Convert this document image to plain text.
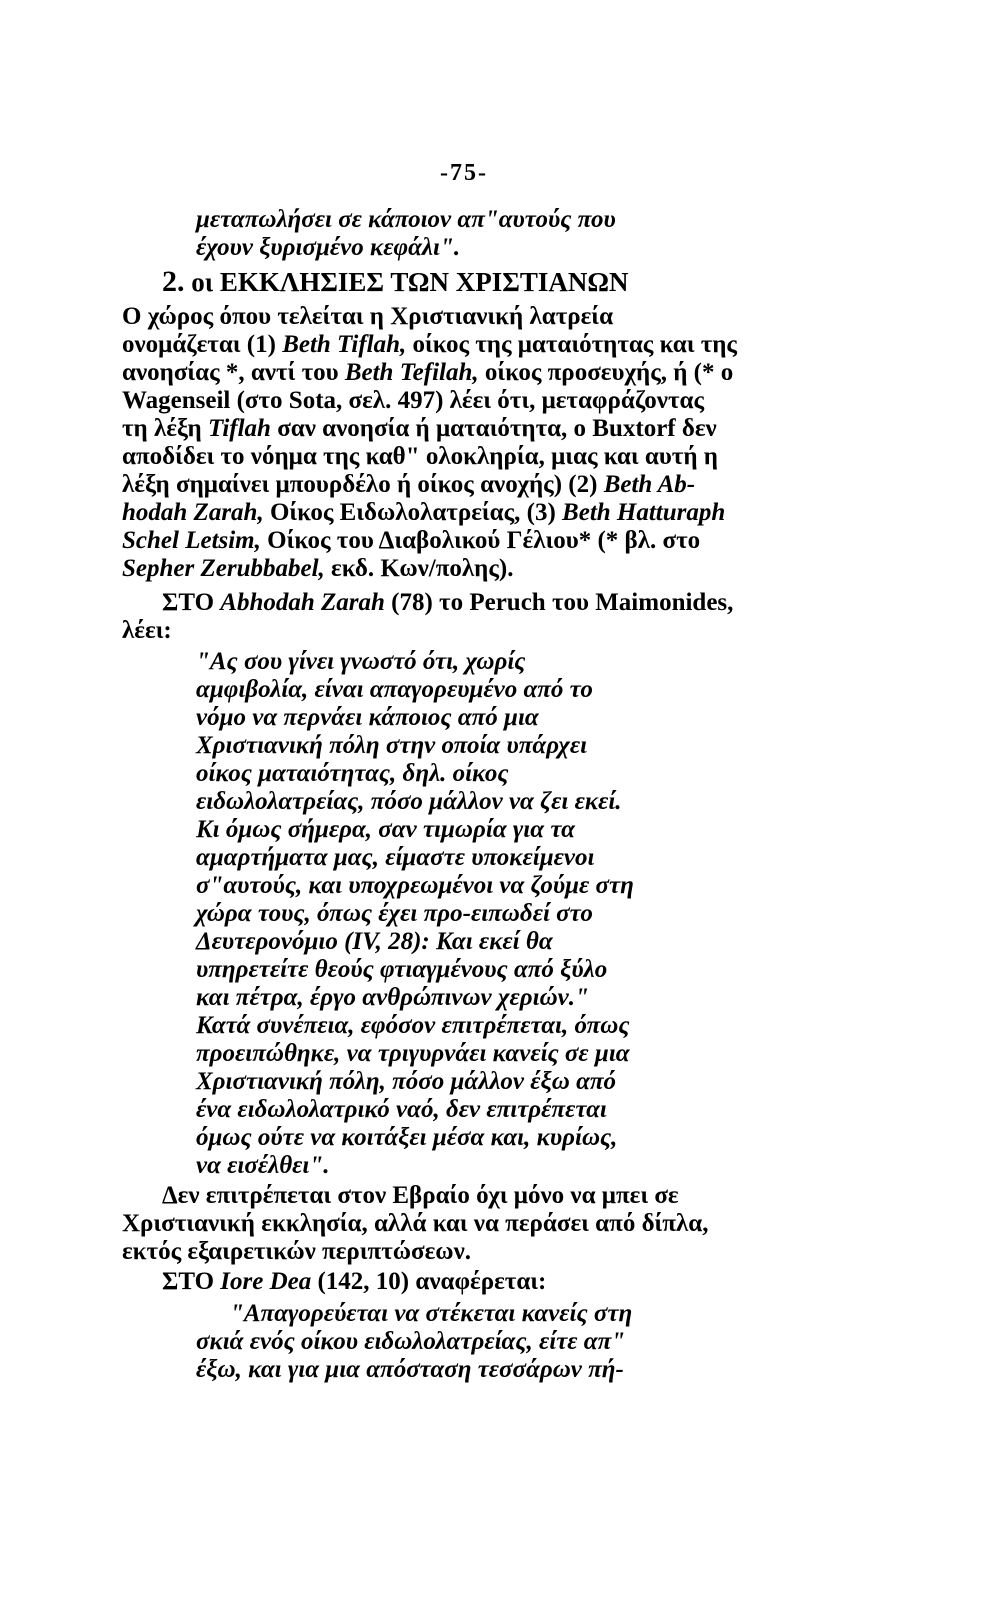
-75-
μεταπωλήσει σε κάποιον απ"αυτούς που
έχουν ξυρισμένο κεφάλι".
2. οι ΕΚΚΛΗΣΙΕΣ ΤΩΝ ΧΡΙΣΤΙΑΝΩΝ
Ο χώρος όπου τελείται η Χριστιανική λατρεία
ονομάζεται (1) Beth Tiflah, οίκος της ματαιότητας και της
ανοησίας *, αντί του Beth Tefilah, οίκος προσευχής, ή (* ο
Wagenseil (στο Sota, σελ. 497) λέει ότι, μεταφράζοντας
τη λέξη Tiflah σαν ανοησία ή ματαιότητα, ο Buxtorf δεν
αποδίδει το νόημα της καθ" ολοκληρία, μιας και αυτή η
λέξη σημαίνει μπουρδέλο ή οίκος ανοχής) (2) Beth Ab-
hodah Zarah, Οίκος Ειδωλολατρείας, (3) Beth Hatturaph
Schel Letsim, Οίκος του Διαβολικού Γέλιου* (* βλ. στο
Sepher Zerubbabel, εκδ. Κων/πολης).
ΣΤΟ Abhodah Zarah (78) το Peruch του Maimonides,
λέει:
"Ας σου γίνει γνωστό ότι, χωρίς
αμφιβολία, είναι απαγορευμένο από το
νόμο να περνάει κάποιος από μια
Χριστιανική πόλη στην οποία υπάρχει
οίκος ματαιότητας, δηλ. οίκος
ειδωλολατρείας, πόσο μάλλον να ζει εκεί.
Κι όμως σήμερα, σαν τιμωρία για τα
αμαρτήματα μας, είμαστε υποκείμενοι
σ"αυτούς, και υποχρεωμένοι να ζούμε στη
χώρα τους, όπως έχει προ-ειπωδεί στο
Δευτερονόμιο (IV, 28): Και εκεί θα
υπηρετείτε θεούς φτιαγμένους από ξύλο
και πέτρα, έργο ανθρώπινων χεριών."
Κατά συνέπεια, εφόσον επιτρέπεται, όπως
προειπώθηκε, να τριγυρνάει κανείς σε μια
Χριστιανική πόλη, πόσο μάλλον έξω από
ένα ειδωλολατρικό ναό, δεν επιτρέπεται
όμως ούτε να κοιτάξει μέσα και, κυρίως,
να εισέλθει".
Δεν επιτρέπεται στον Εβραίο όχι μόνο να μπει σε
Χριστιανική εκκλησία, αλλά και να περάσει από δίπλα,
εκτός εξαιρετικών περιπτώσεων.
ΣΤΟ Iore Dea (142, 10) αναφέρεται:
"Απαγορεύεται να στέκεται κανείς στη
σκιά ενός οίκου ειδωλολατρείας, είτε απ"
έξω, και για μια απόσταση τεσσάρων πή-
